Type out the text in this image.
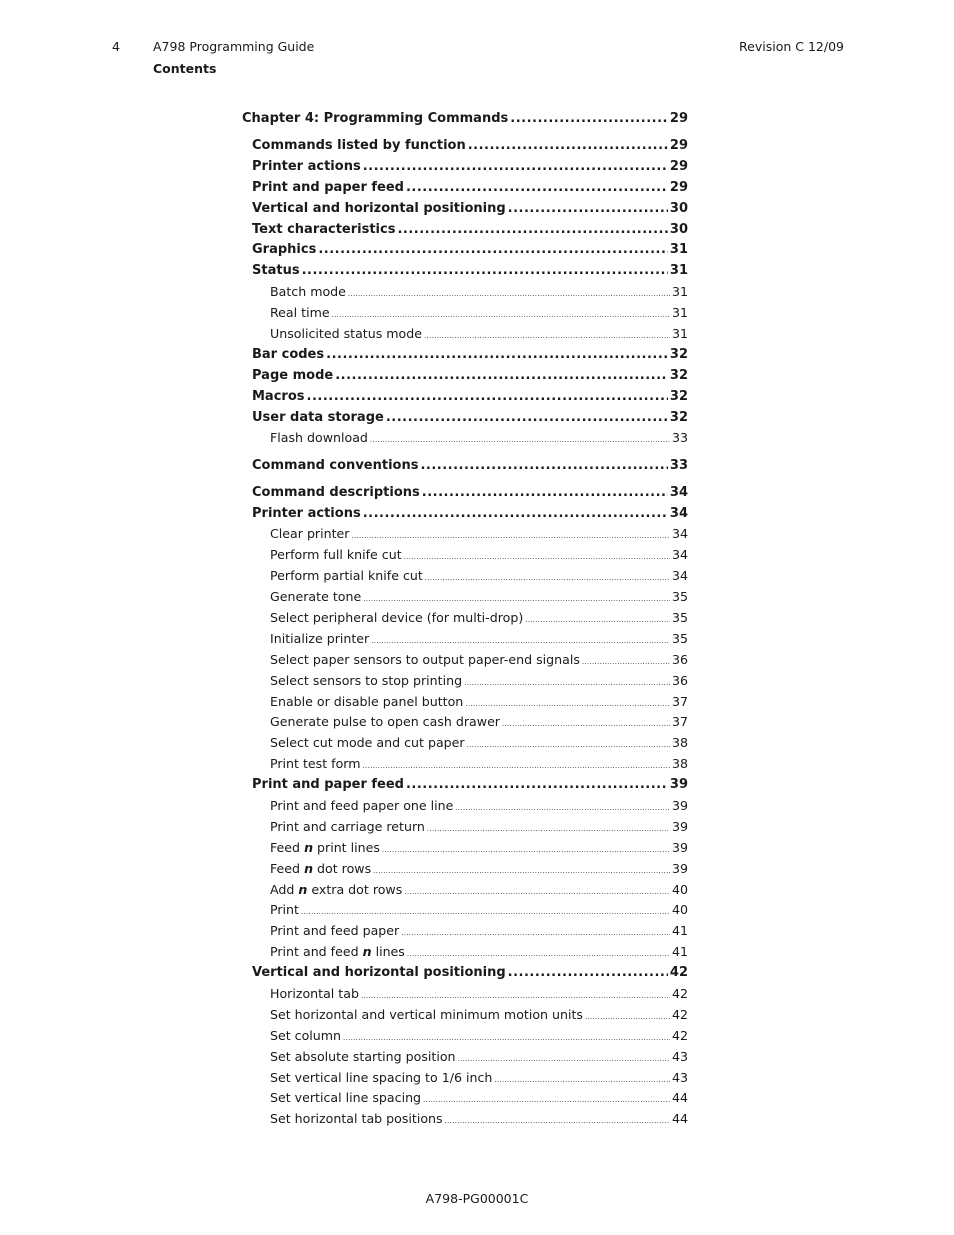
4	A798 Programming Guide	Revision C 12/09
Contents
Chapter 4: Programming Commands .....	29
Commands listed by function .....	29
Printer actions .....	29
Print and paper feed .....	29
Vertical and horizontal positioning .....	30
Text characteristics .....	30
Graphics .....	31
Status .....	31
Batch mode .....	31
Real time .....	31
Unsolicited status mode .....	31
Bar codes .....	32
Page mode .....	32
Macros .....	32
User data storage .....	32
Flash download .....	33
Command conventions .....	33
Command descriptions .....	34
Printer actions .....	34
Clear printer .....	34
Perform full knife cut .....	34
Perform partial knife cut .....	34
Generate tone .....	35
Select peripheral device (for multi-drop) .....	35
Initialize printer .....	35
Select paper sensors to output paper-end signals .....	36
Select sensors to stop printing .....	36
Enable or disable panel button .....	37
Generate pulse to open cash drawer .....	37
Select cut mode and cut paper .....	38
Print test form .....	38
Print and paper feed .....	39
Print and feed paper one line .....	39
Print and carriage return .....	39
Feed n print lines .....	39
Feed n dot rows .....	39
Add n extra dot rows .....	40
Print .....	40
Print and feed paper .....	41
Print and feed n lines .....	41
Vertical and horizontal positioning .....	42
Horizontal tab .....	42
Set horizontal and vertical minimum motion units .....	42
Set column .....	42
Set absolute starting position .....	43
Set vertical line spacing to 1/6 inch .....	43
Set vertical line spacing .....	44
Set horizontal tab positions .....	44
A798-PG00001C
